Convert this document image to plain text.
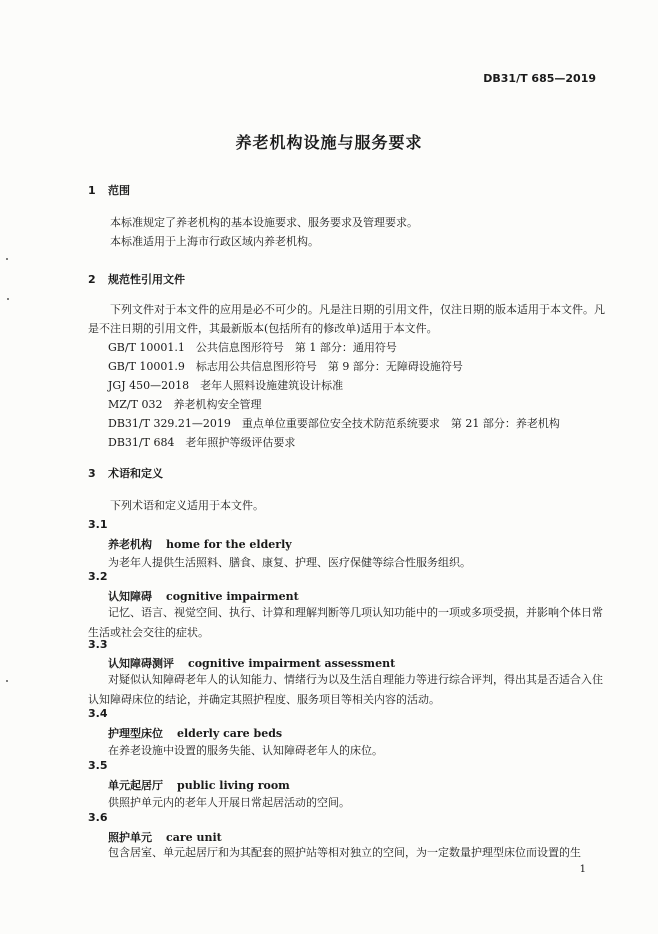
DB31/T 685—2019
养老机构设施与服务要求
1 范围
本标准规定了养老机构的基本设施要求、服务要求及管理要求。
本标准适用于上海市行政区域内养老机构。
2 规范性引用文件
下列文件对于本文件的应用是必不可少的。凡是注日期的引用文件，仅注日期的版本适用于本文件。凡是不注日期的引用文件，其最新版本(包括所有的修改单)适用于本文件。
GB/T 10001.1　公共信息图形符号　第 1 部分：通用符号
GB/T 10001.9　标志用公共信息图形符号　第 9 部分：无障碍设施符号
JGJ 450—2018　老年人照料设施建筑设计标准
MZ/T 032　养老机构安全管理
DB31/T 329.21—2019　重点单位重要部位安全技术防范系统要求　第 21 部分：养老机构
DB31/T 684　老年照护等级评估要求
3 术语和定义
下列术语和定义适用于本文件。
3.1
养老机构 home for the elderly
为老年人提供生活照料、膳食、康复、护理、医疗保健等综合性服务组织。
3.2
认知障碍 cognitive impairment
记忆、语言、视觉空间、执行、计算和理解判断等几项认知功能中的一项或多项受损，并影响个体日常生活或社会交往的症状。
3.3
认知障碍测评 cognitive impairment assessment
对疑似认知障碍老年人的认知能力、情绪行为以及生活自理能力等进行综合评判，得出其是否适合入住认知障碍床位的结论，并确定其照护程度、服务项目等相关内容的活动。
3.4
护理型床位 elderly care beds
在养老设施中设置的服务失能、认知障碍老年人的床位。
3.5
单元起居厅 public living room
供照护单元内的老年人开展日常起居活动的空间。
3.6
照护单元 care unit
包含居室、单元起居厅和为其配套的照护站等相对独立的空间，为一定数量护理型床位而设置的生
1
